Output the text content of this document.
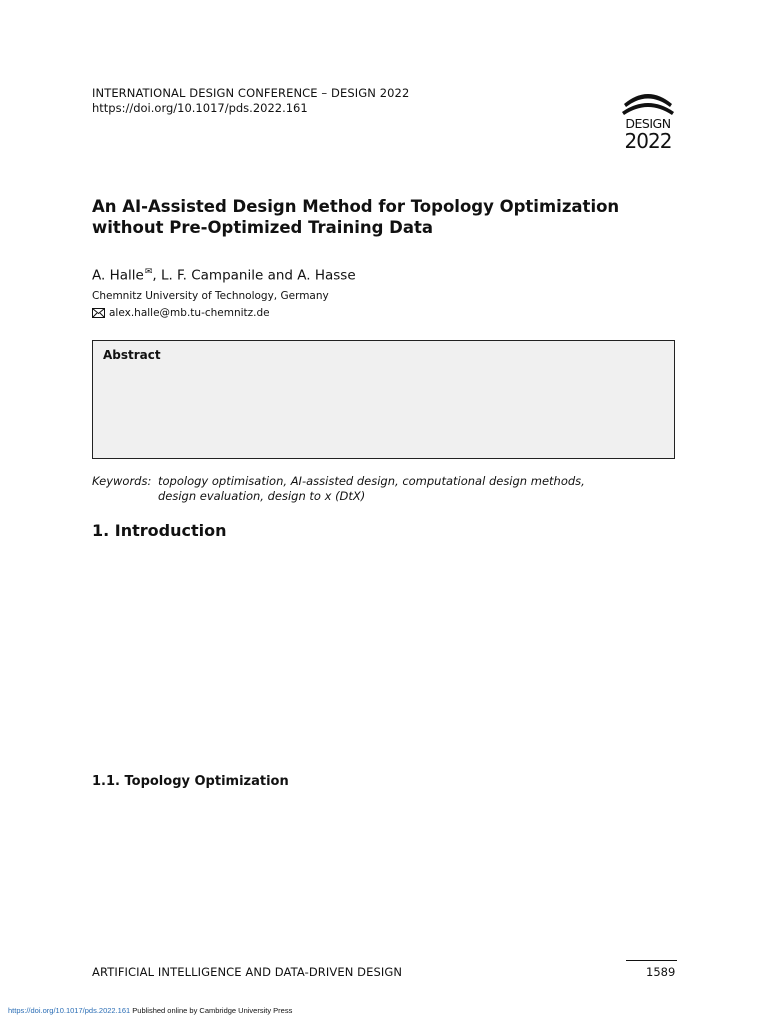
INTERNATIONAL DESIGN CONFERENCE – DESIGN 2022
https://doi.org/10.1017/pds.2022.161
DESIGN
2022
An AI-Assisted Design Method for Topology Optimization without Pre-Optimized Training Data
A. Halle✉, L. F. Campanile and A. Hasse
Chemnitz University of Technology, Germany
alex.halle@mb.tu-chemnitz.de
Abstract
Keywords: topology optimisation, AI-assisted design, computational design methods, design evaluation, design to x (DtX)
1. Introduction
1.1. Topology Optimization
ARTIFICIAL INTELLIGENCE AND DATA-DRIVEN DESIGN	1589
https://doi.org/10.1017/pds.2022.161 Published online by Cambridge University Press
